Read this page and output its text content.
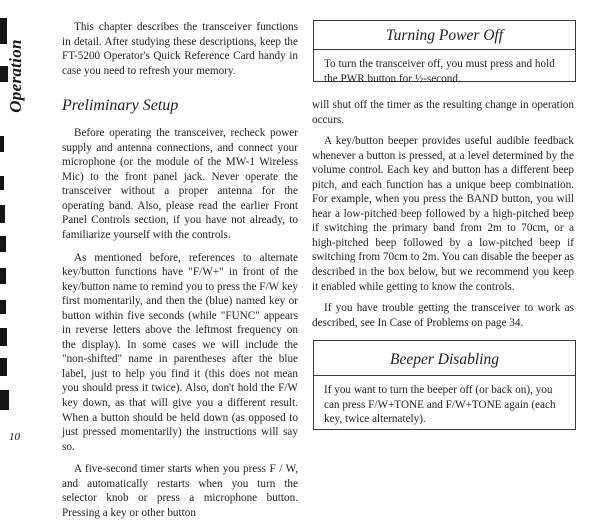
Operation

10

This chapter describes the transceiver functions in detail. After studying these descriptions, keep the FT-5200 Operator's Quick Reference Card handy in case you need to refresh your memory.

Preliminary Setup

Before operating the transceiver, recheck power supply and antenna connections, and connect your microphone (or the module of the MW-1 Wireless Mic) to the front panel jack. Never operate the transceiver without a proper antenna for the operating band. Also, please read the earlier Front Panel Controls section, if you have not already, to familiarize yourself with the controls.

As mentioned before, references to alternate key/button functions have "F/W+" in front of the key/button name to remind you to press the F/W key first momentarily, and then the (blue) named key or button within five seconds (while "FUNC" appears in reverse letters above the leftmost frequency on the display). In some cases we will include the "non-shifted" name in parentheses after the blue label, just to help you find it (this does not mean you should press it twice). Also, don't hold the F/W key down, as that will give you a different result. When a button should be held down (as opposed to just pressed momentarily) the instructions will say so.

A five-second timer starts when you press F / W, and automatically restarts when you turn the selector knob or press a microphone button. Pressing a key or other button

Turning Power Off

To turn the transceiver off, you must press and hold the PWR button for ½-second.

will shut off the timer as the resulting change in operation occurs.

A key/button beeper provides useful audible feedback whenever a button is pressed, at a level determined by the volume control. Each key and button has a different beep pitch, and each function has a unique beep combination. For example, when you press the BAND button, you will hear a low-pitched beep followed by a high-pitched beep if switching the primary band from 2m to 70cm, or a high-pitched beep followed by a low-pitched beep if switching from 70cm to 2m. You can disable the beeper as described in the box below, but we recommend you keep it enabled while getting to know the controls.

If you have trouble getting the transceiver to work as described, see In Case of Problems on page 34.

Beeper Disabling

If you want to turn the beeper off (or back on), you can press F/W+TONE and F/W+TONE again (each key, twice alternately).
